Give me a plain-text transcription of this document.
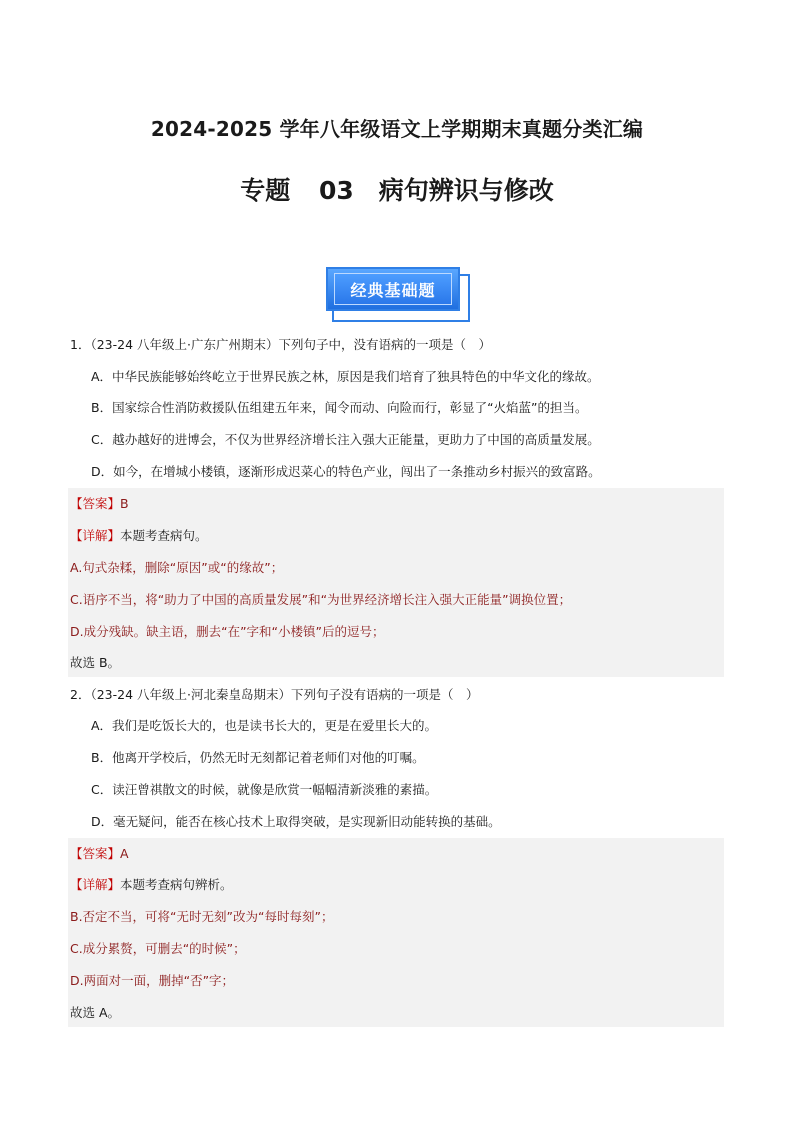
2024-2025 学年八年级语文上学期期末真题分类汇编
专题 03　病句辨识与修改
经典基础题
1．（23-24 八年级上·广东广州期末）下列句子中，没有语病的一项是（　）
A．中华民族能够始终屹立于世界民族之林，原因是我们培育了独具特色的中华文化的缘故。
B．国家综合性消防救援队伍组建五年来，闻令而动、向险而行，彰显了“火焰蓝”的担当。
C．越办越好的进博会，不仅为世界经济增长注入强大正能量，更助力了中国的高质量发展。
D．如今，在增城小楼镇，逐渐形成迟菜心的特色产业，闯出了一条推动乡村振兴的致富路。
【答案】B
【详解】本题考查病句。
A.句式杂糅，删除“原因”或“的缘故”；
C.语序不当，将“助力了中国的高质量发展”和“为世界经济增长注入强大正能量”调换位置；
D.成分残缺。缺主语，删去“在”字和“小楼镇”后的逗号；
故选 B。
2．（23-24 八年级上·河北秦皇岛期末）下列句子没有语病的一项是（　）
A．我们是吃饭长大的，也是读书长大的，更是在爱里长大的。
B．他离开学校后，仍然无时无刻都记着老师们对他的叮嘱。
C．读汪曾祺散文的时候，就像是欣赏一幅幅清新淡雅的素描。
D．毫无疑问，能否在核心技术上取得突破，是实现新旧动能转换的基础。
【答案】A
【详解】本题考查病句辨析。
B.否定不当，可将“无时无刻”改为“每时每刻”；
C.成分累赘，可删去“的时候”；
D.两面对一面，删掉“否”字；
故选 A。
